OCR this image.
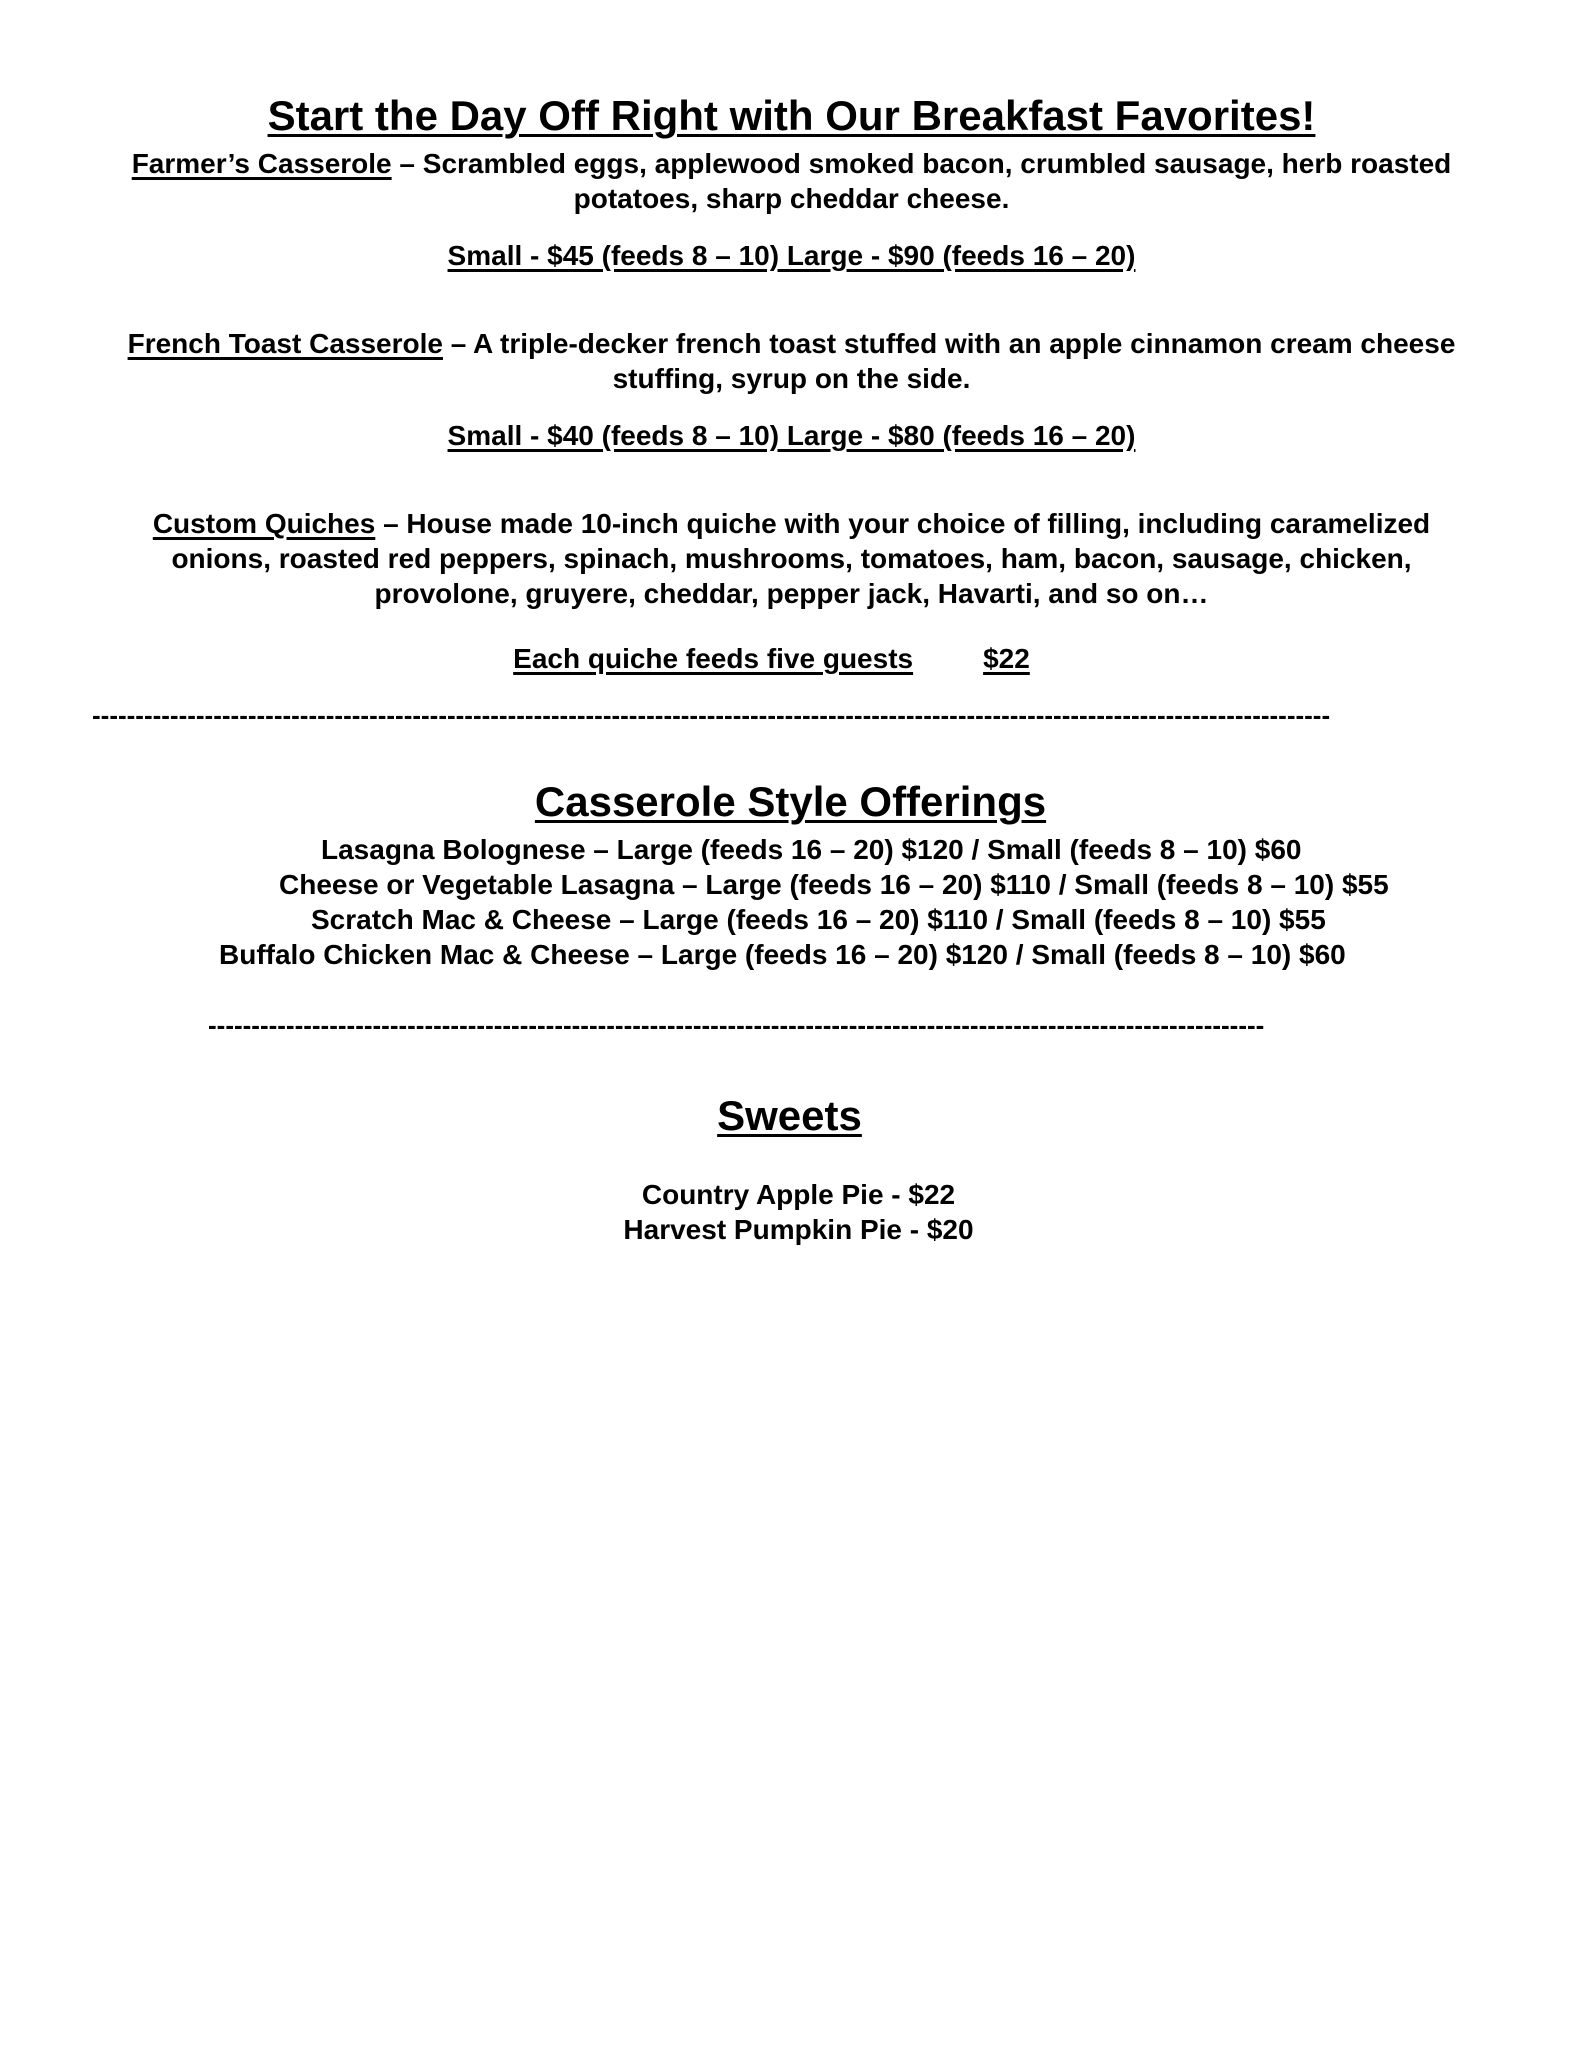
Start the Day Off Right with Our Breakfast Favorites!
Farmer’s Casserole – Scrambled eggs, applewood smoked bacon, crumbled sausage, herb roasted potatoes, sharp cheddar cheese.
Small - $45 (feeds 8 – 10) Large - $90 (feeds 16 – 20)
French Toast Casserole – A triple-decker french toast stuffed with an apple cinnamon cream cheese stuffing, syrup on the side.
Small - $40 (feeds 8 – 10) Large - $80 (feeds 16 – 20)
Custom Quiches – House made 10-inch quiche with your choice of filling, including caramelized onions, roasted red peppers, spinach, mushrooms, tomatoes, ham, bacon, sausage, chicken, provolone, gruyere, cheddar, pepper jack, Havarti, and so on…
Each quiche feeds five guests	$22
-----------------------------------------------------------------------------------------------------------------------------------------------
Casserole Style Offerings
Lasagna Bolognese – Large (feeds 16 – 20) $120 / Small (feeds 8 – 10) $60
Cheese or Vegetable Lasagna – Large (feeds 16 – 20) $110 / Small (feeds 8 – 10) $55
Scratch Mac & Cheese – Large (feeds 16 – 20) $110 / Small (feeds 8 – 10) $55
Buffalo Chicken Mac & Cheese – Large (feeds 16 – 20) $120 / Small (feeds 8 – 10) $60
--------------------------------------------------------------------------------------------------------------------------
Sweets
Country Apple Pie - $22
Harvest Pumpkin Pie - $20
